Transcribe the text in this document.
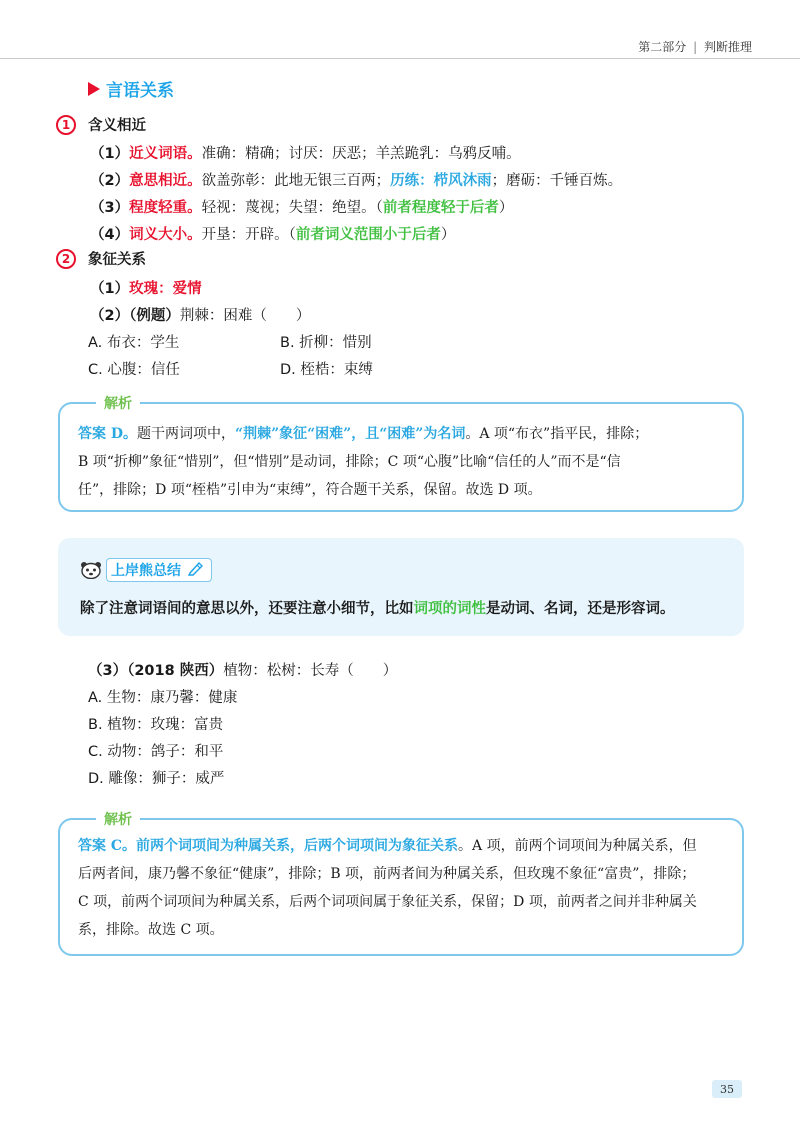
第二部分 | 判断推理
言语关系
1	含义相近
（1）近义词语。准确：精确；讨厌：厌恶；羊羔跪乳：乌鸦反哺。
（2）意思相近。欲盖弥彰：此地无银三百两；历练：栉风沐雨；磨砺：千锤百炼。
（3）程度轻重。轻视：蔑视；失望：绝望。（前者程度轻于后者）
（4）词义大小。开垦：开辟。（前者词义范围小于后者）
2	象征关系
（1）玫瑰：爱情
（2）（例题）荆棘：困难（　　）
A. 布衣：学生	B. 折柳：惜别
C. 心腹：信任	D. 桎梏：束缚
解析
答案 D。题干两词项中，“荆棘”象征“困难”，且“困难”为名词。A 项“布衣”指平民，排除；
B 项“折柳”象征“惜别”，但“惜别”是动词，排除；C 项“心腹”比喻“信任的人”而不是“信
任”，排除；D 项“桎梏”引申为“束缚”，符合题干关系，保留。故选 D 项。
上岸熊总结
除了注意词语间的意思以外，还要注意小细节，比如词项的词性是动词、名词，还是形容词。
（3）（2018 陕西）植物：松树：长寿（　　）
A. 生物：康乃馨：健康
B. 植物：玫瑰：富贵
C. 动物：鸽子：和平
D. 雕像：狮子：威严
解析
答案 C。前两个词项间为种属关系，后两个词项间为象征关系。A 项，前两个词项间为种属关系，但
后两者间，康乃馨不象征“健康”，排除；B 项，前两者间为种属关系，但玫瑰不象征“富贵”，排除；
C 项，前两个词项间为种属关系，后两个词项间属于象征关系，保留；D 项，前两者之间并非种属关
系，排除。故选 C 项。
35
